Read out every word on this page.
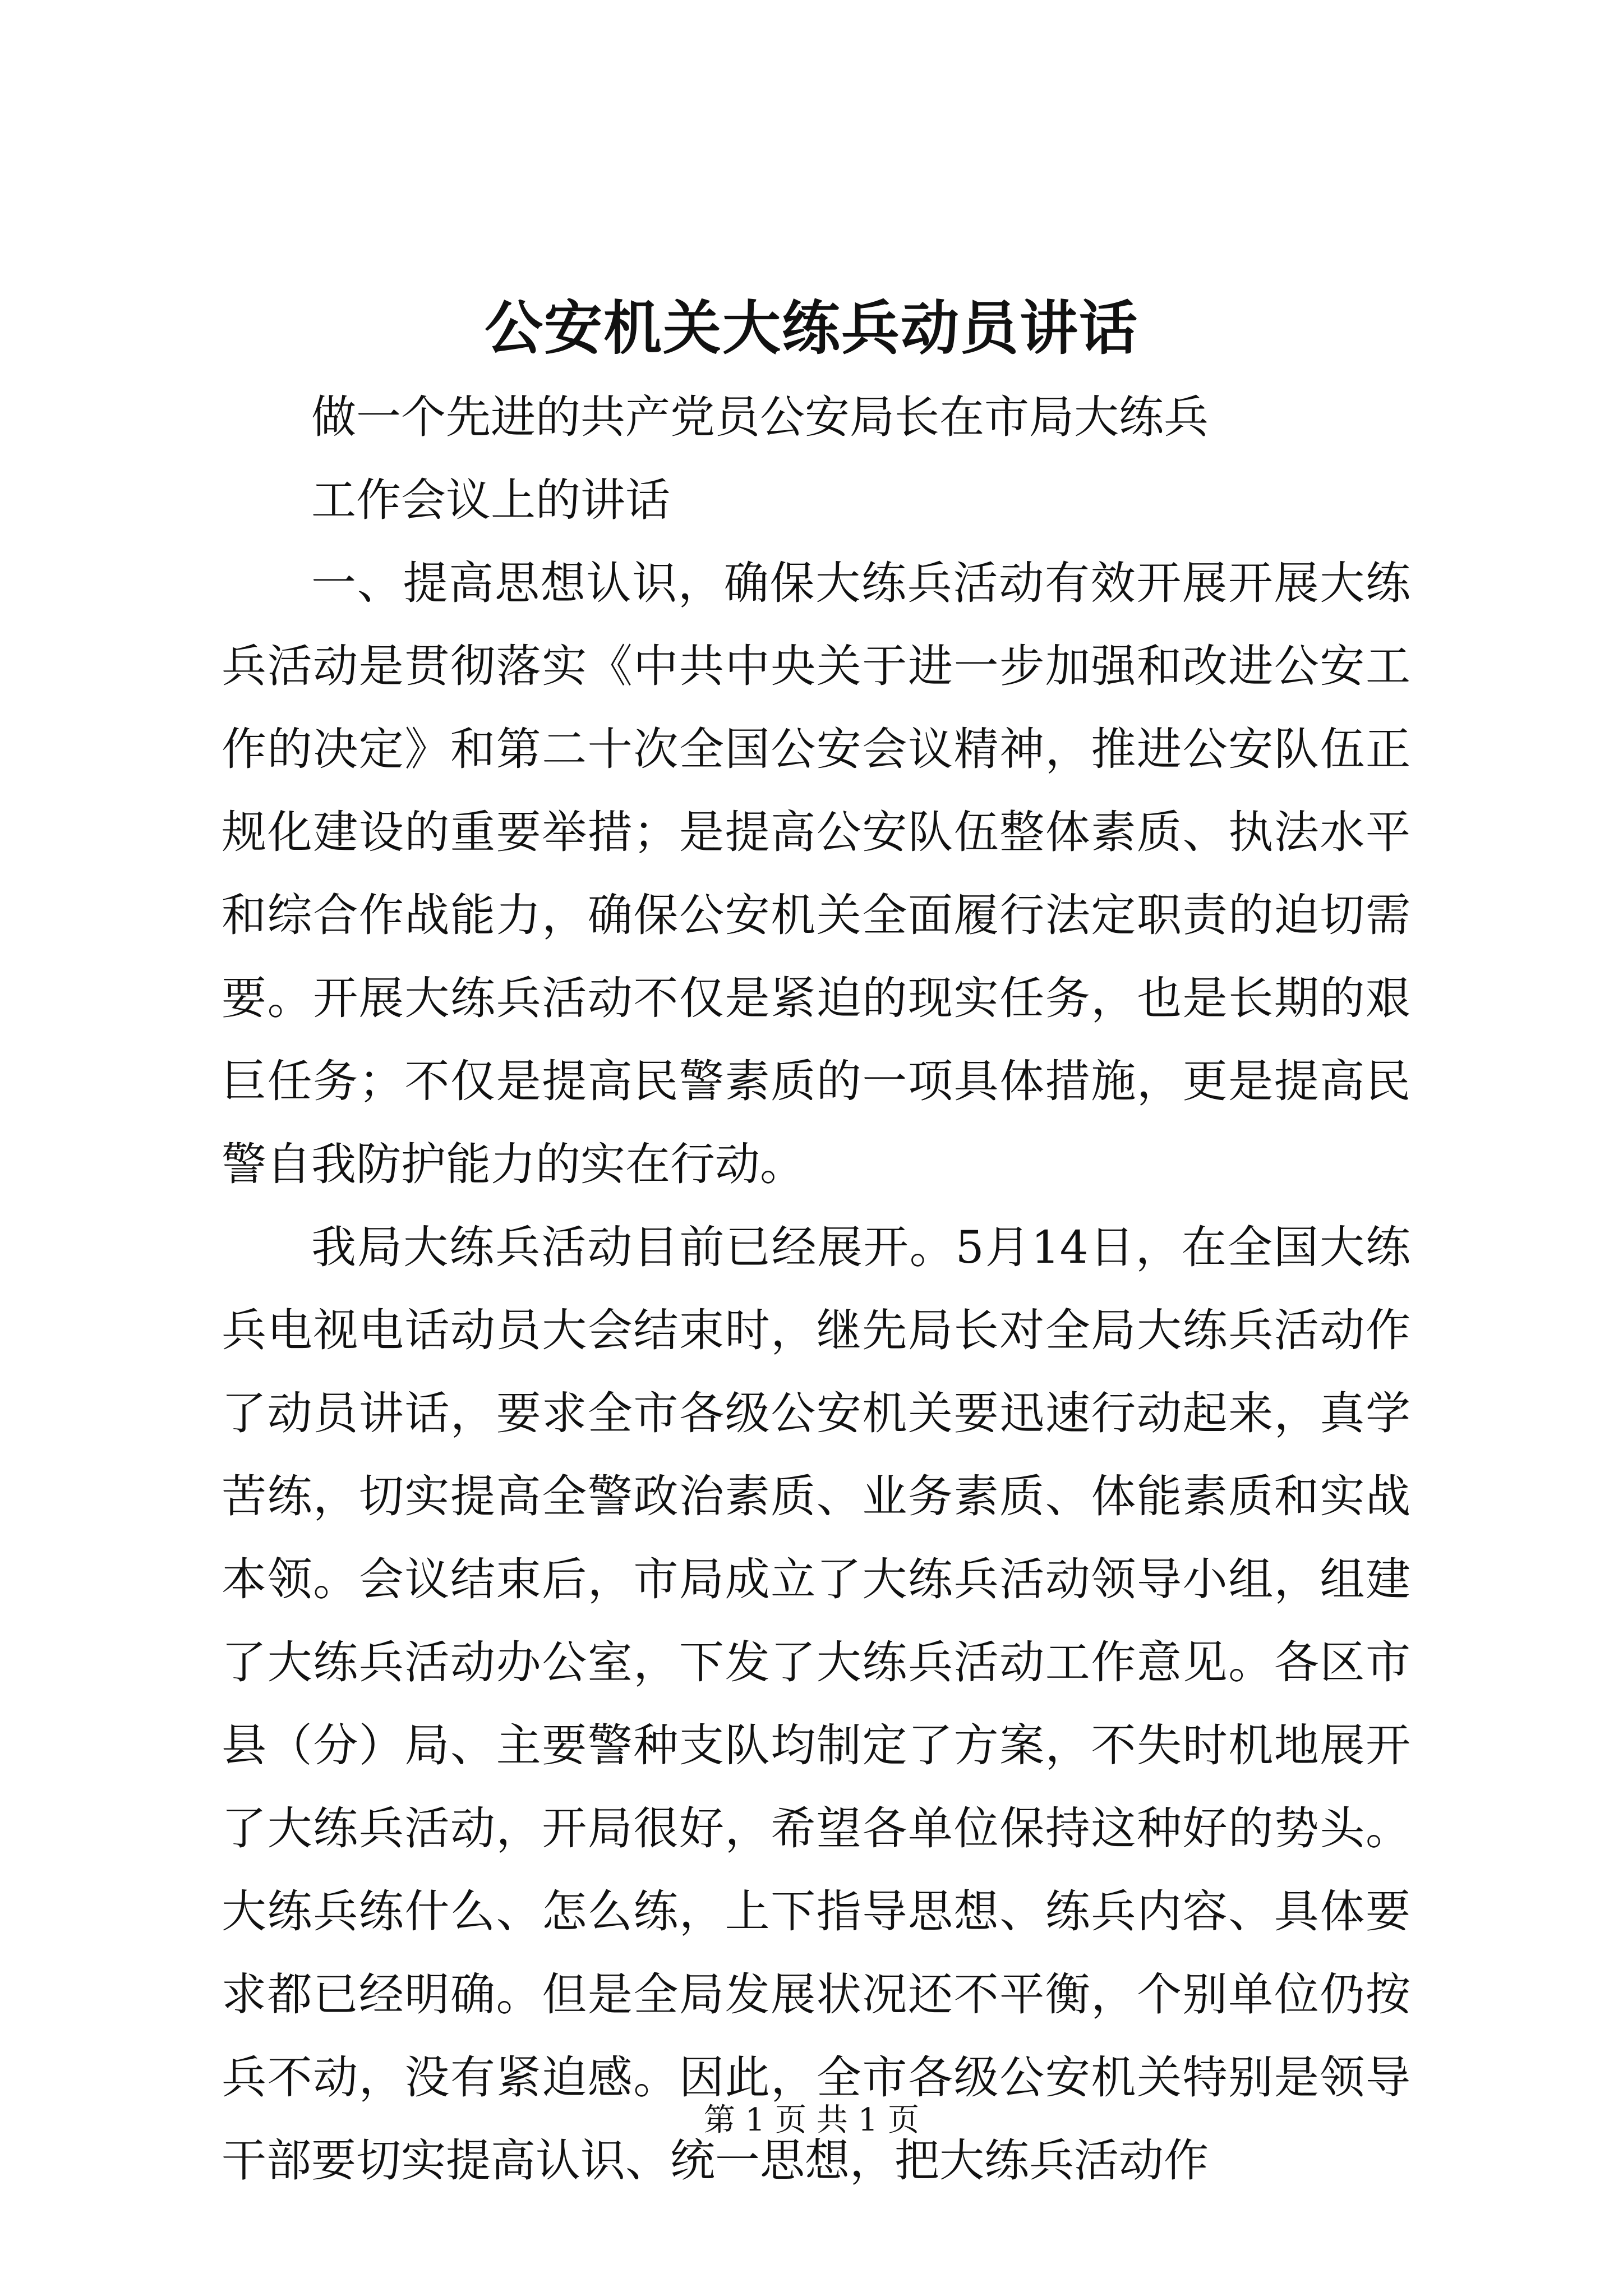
公安机关大练兵动员讲话

做一个先进的共产党员公安局长在市局大练兵

工作会议上的讲话

一、提高思想认识，确保大练兵活动有效开展开展大练兵活动是贯彻落实《中共中央关于进一步加强和改进公安工作的决定》和第二十次全国公安会议精神，推进公安队伍正规化建设的重要举措；是提高公安队伍整体素质、执法水平和综合作战能力，确保公安机关全面履行法定职责的迫切需要。开展大练兵活动不仅是紧迫的现实任务，也是长期的艰巨任务；不仅是提高民警素质的一项具体措施，更是提高民警自我防护能力的实在行动。

我局大练兵活动目前已经展开。5月14日，在全国大练兵电视电话动员大会结束时，继先局长对全局大练兵活动作了动员讲话，要求全市各级公安机关要迅速行动起来，真学苦练，切实提高全警政治素质、业务素质、体能素质和实战本领。会议结束后，市局成立了大练兵活动领导小组，组建了大练兵活动办公室，下发了大练兵活动工作意见。各区市县（分）局、主要警种支队均制定了方案，不失时机地展开了大练兵活动，开局很好，希望各单位保持这种好的势头。大练兵练什么、怎么练，上下指导思想、练兵内容、具体要求都已经明确。但是全局发展状况还不平衡，个别单位仍按兵不动，没有紧迫感。因此，全市各级公安机关特别是领导干部要切实提高认识、统一思想，把大练兵活动作

第 1 页 共 1 页
